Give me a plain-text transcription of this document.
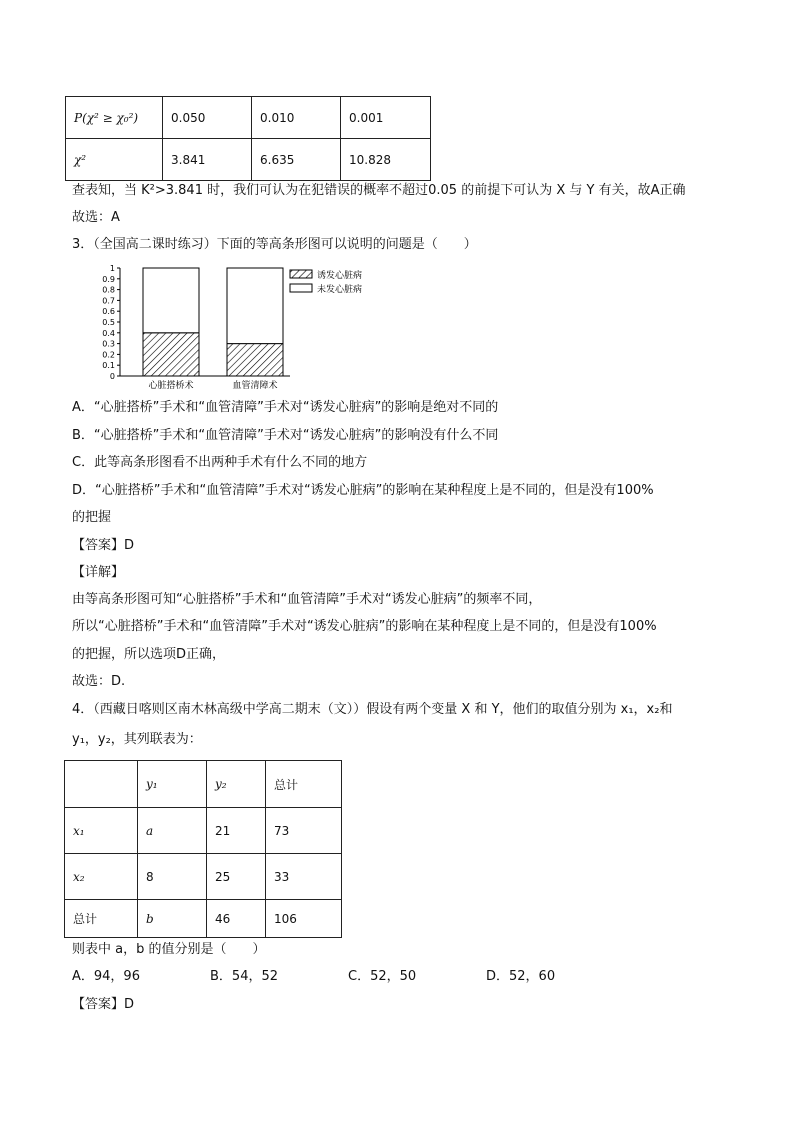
P(χ² ≥ χ₀²)	0.050	0.010	0.001
χ²	3.841	6.635	10.828
查表知，当 K²>3.841 时，我们可认为在犯错误的概率不超过0.05 的前提下可认为 X 与 Y 有关，故A正确
故选：A
3．（全国高二课时练习）下面的等高条形图可以说明的问题是（　　）
0
0.1
0.2
0.3
0.4
0.5
0.6
0.7
0.8
0.9
1
心脏搭桥术	血管清障术
诱发心脏病
未发心脏病
A．“心脏搭桥”手术和“血管清障”手术对“诱发心脏病”的影响是绝对不同的
B．“心脏搭桥”手术和“血管清障”手术对“诱发心脏病”的影响没有什么不同
C．此等高条形图看不出两种手术有什么不同的地方
D．“心脏搭桥”手术和“血管清障”手术对“诱发心脏病”的影响在某种程度上是不同的，但是没有100%
的把握
【答案】D
【详解】
由等高条形图可知“心脏搭桥”手术和“血管清障”手术对“诱发心脏病”的频率不同，
所以“心脏搭桥”手术和“血管清障”手术对“诱发心脏病”的影响在某种程度上是不同的，但是没有100%
的把握，所以选项D正确，
故选：D.
4．（西藏日喀则区南木林高级中学高二期末（文））假设有两个变量 X 和 Y，他们的取值分别为 x₁，x₂和
y₁，y₂，其列联表为：
	y₁	y₂	总计
x₁	a	21	73
x₂	8	25	33
总计	b	46	106
则表中 a，b 的值分别是（　　）
A．94，96	B．54，52	C．52，50	D．52，60
【答案】D
